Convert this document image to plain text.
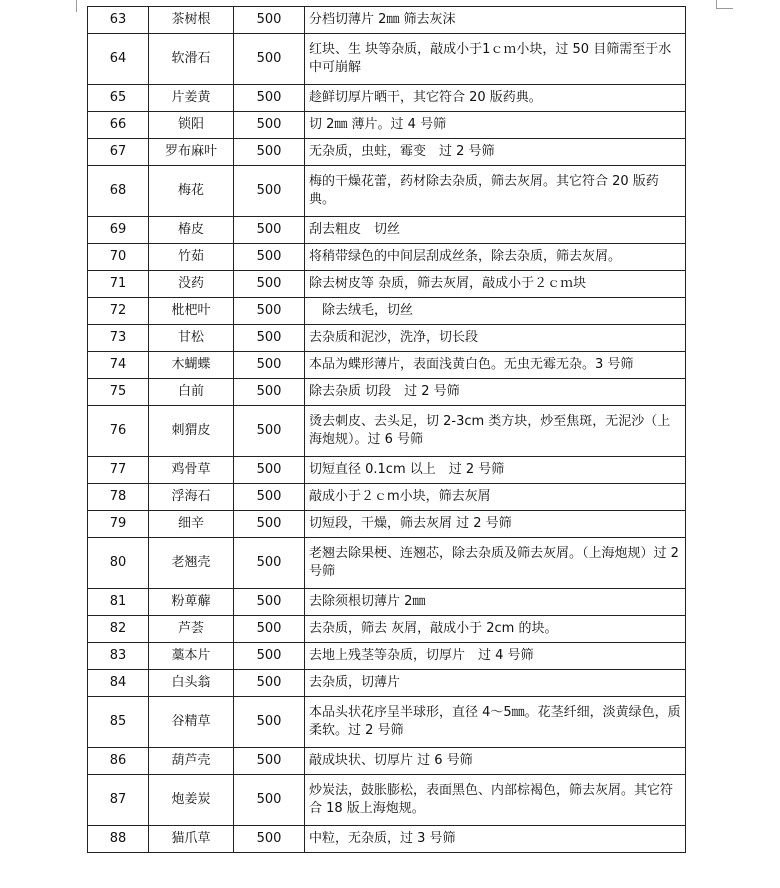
63	茶树根	500	分档切薄片 2㎜ 筛去灰沫
64	软滑石	500	红块、生 块等杂质，敲成小于1ｃｍ小块，过 50 目筛需至于水中可崩解
65	片姜黄	500	趁鲜切厚片晒干，其它符合 20 版药典。
66	锁阳	500	切 2㎜ 薄片。过 4 号筛
67	罗布麻叶	500	无杂质，虫蛀，霉变　过 2 号筛
68	梅花	500	梅的干燥花蕾，药材除去杂质，筛去灰屑。其它符合 20 版药典。
69	椿皮	500	刮去粗皮　切丝
70	竹茹	500	将稍带绿色的中间层刮成丝条，除去杂质，筛去灰屑。
71	没药	500	除去树皮等 杂质，筛去灰屑，敲成小于２ｃｍ块
72	枇杷叶	500	　除去绒毛，切丝
73	甘松	500	去杂质和泥沙，洗净，切长段
74	木蝴蝶	500	本品为蝶形薄片，表面浅黄白色。无虫无霉无杂。3 号筛
75	白前	500	除去杂质 切段　过 2 号筛
76	刺猬皮	500	烫去刺皮、去头足，切 2-3cm 类方块，炒至焦斑，无泥沙（上海炮规）。过 6 号筛
77	鸡骨草	500	切短直径 0.1cm 以上　过 2 号筛
78	浮海石	500	敲成小于２ｃm小块，筛去灰屑
79	细辛	500	切短段，干燥，筛去灰屑 过 2 号筛
80	老翘壳	500	老翘去除果梗、连翘芯，除去杂质及筛去灰屑。（上海炮规）过 2 号筛
81	粉萆薢	500	去除须根切薄片 2㎜
82	芦荟	500	去杂质，筛去 灰屑，敲成小于 2cm 的块。
83	藁本片	500	去地上残茎等杂质，切厚片　过 4 号筛
84	白头翁	500	去杂质，切薄片
85	谷精草	500	本品头状花序呈半球形，直径 4～5㎜。花茎纤细，淡黄绿色，质柔软。过 2 号筛
86	葫芦壳	500	敲成块状、切厚片 过 6 号筛
87	炮姜炭	500	炒炭法，鼓胀膨松，表面黑色、内部棕褐色，筛去灰屑。其它符合 18 版上海炮规。
88	猫爪草	500	中粒，无杂质，过 3 号筛
